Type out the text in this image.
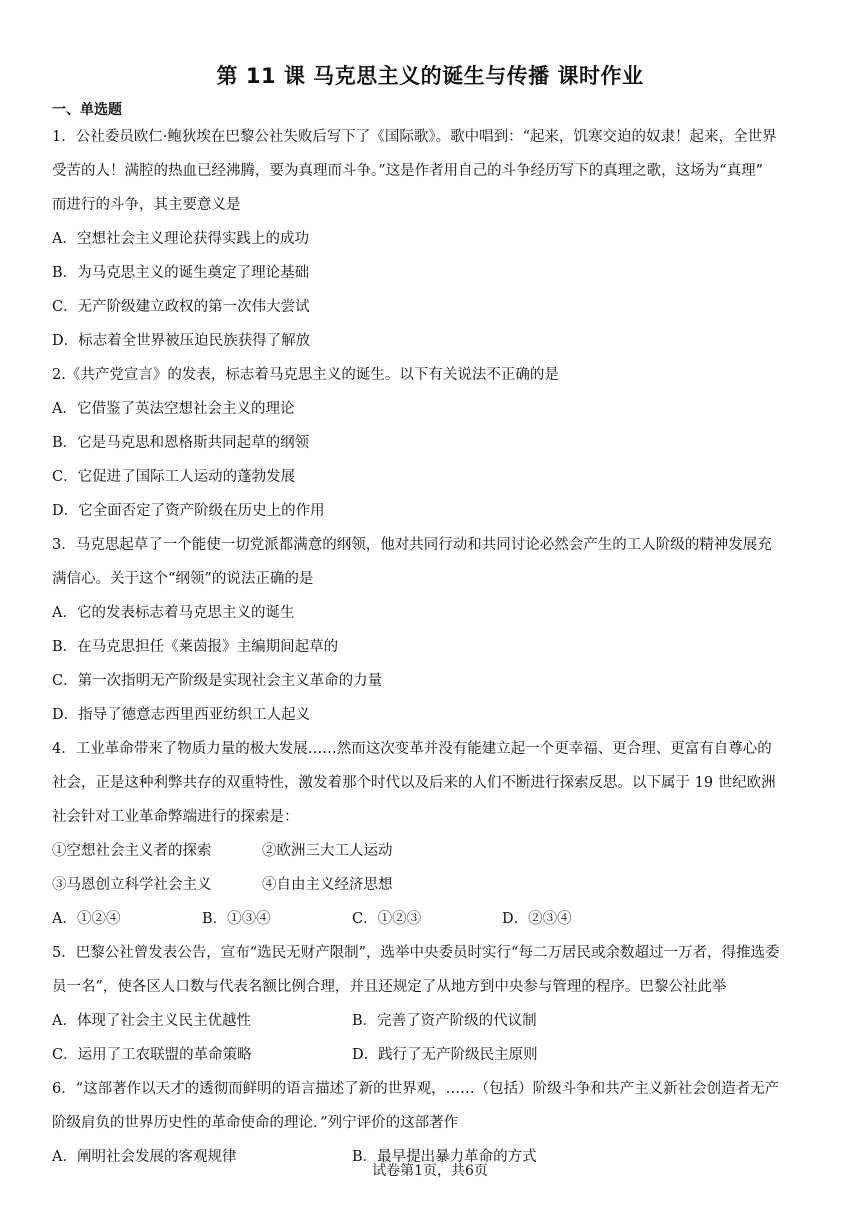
第 11 课 马克思主义的诞生与传播 课时作业
一、单选题
1．公社委员欧仁·鲍狄埃在巴黎公社失败后写下了《国际歌》。歌中唱到：“起来，饥寒交迫的奴隶！起来，全世界
受苦的人！满腔的热血已经沸腾，要为真理而斗争。”这是作者用自己的斗争经历写下的真理之歌，这场为“真理”
而进行的斗争，其主要意义是
A．空想社会主义理论获得实践上的成功
B．为马克思主义的诞生奠定了理论基础
C．无产阶级建立政权的第一次伟大尝试
D．标志着全世界被压迫民族获得了解放
2.《共产党宣言》的发表，标志着马克思主义的诞生。以下有关说法不正确的是
A．它借鉴了英法空想社会主义的理论
B．它是马克思和恩格斯共同起草的纲领
C．它促进了国际工人运动的蓬勃发展
D．它全面否定了资产阶级在历史上的作用
3．马克思起草了一个能使一切党派都满意的纲领，他对共同行动和共同讨论必然会产生的工人阶级的精神发展充
满信心。关于这个“纲领”的说法正确的是
A．它的发表标志着马克思主义的诞生
B．在马克思担任《莱茵报》主编期间起草的
C．第一次指明无产阶级是实现社会主义革命的力量
D．指导了德意志西里西亚纺织工人起义
4．工业革命带来了物质力量的极大发展……然而这次变革并没有能建立起一个更幸福、更合理、更富有自尊心的
社会，正是这种利弊共存的双重特性，激发着那个时代以及后来的人们不断进行探索反思。以下属于 19 世纪欧洲
社会针对工业革命弊端进行的探索是：
①空想社会主义者的探索	②欧洲三大工人运动
③马恩创立科学社会主义	④自由主义经济思想
A．①②④	B．①③④	C．①②③	D．②③④
5．巴黎公社曾发表公告，宣布“选民无财产限制”，选举中央委员时实行“每二万居民或余数超过一万者，得推选委
员一名”，使各区人口数与代表名额比例合理，并且还规定了从地方到中央参与管理的程序。巴黎公社此举
A．体现了社会主义民主优越性	B．完善了资产阶级的代议制
C．运用了工农联盟的革命策略	D．践行了无产阶级民主原则
6．“这部著作以天才的透彻而鲜明的语言描述了新的世界观，……（包括）阶级斗争和共产主义新社会创造者无产
阶级肩负的世界历史性的革命使命的理论．”列宁评价的这部著作
A．阐明社会发展的客观规律	B．最早提出暴力革命的方式
试卷第1页，共6页
